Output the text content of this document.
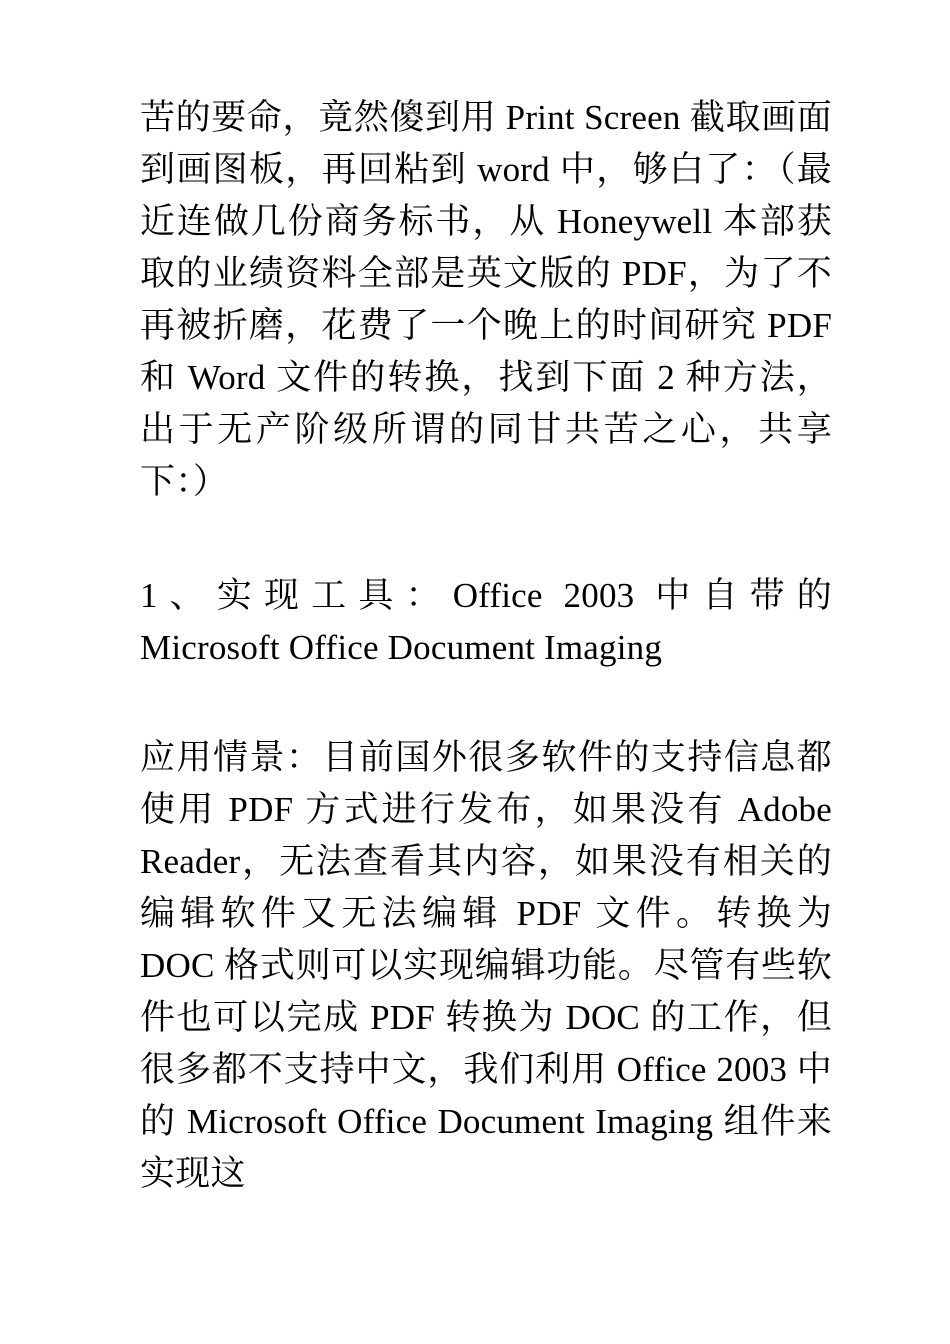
苦的要命，竟然傻到用 Print Screen 截取画面到画图板，再回粘到 word 中，够白了：（最近连做几份商务标书，从 Honeywell 本部获取的业绩资料全部是英文版的 PDF，为了不再被折磨，花费了一个晚上的时间研究 PDF 和 Word 文件的转换，找到下面 2 种方法，出于无产阶级所谓的同甘共苦之心，共享下：）

1、实现工具：Office 2003 中自带的 Microsoft Office Document Imaging

应用情景：目前国外很多软件的支持信息都使用 PDF 方式进行发布，如果没有 Adobe Reader，无法查看其内容，如果没有相关的编辑软件又无法编辑 PDF 文件。转换为 DOC 格式则可以实现编辑功能。尽管有些软件也可以完成 PDF 转换为 DOC 的工作，但很多都不支持中文，我们利用 Office 2003 中的 Microsoft Office Document Imaging 组件来实现这
